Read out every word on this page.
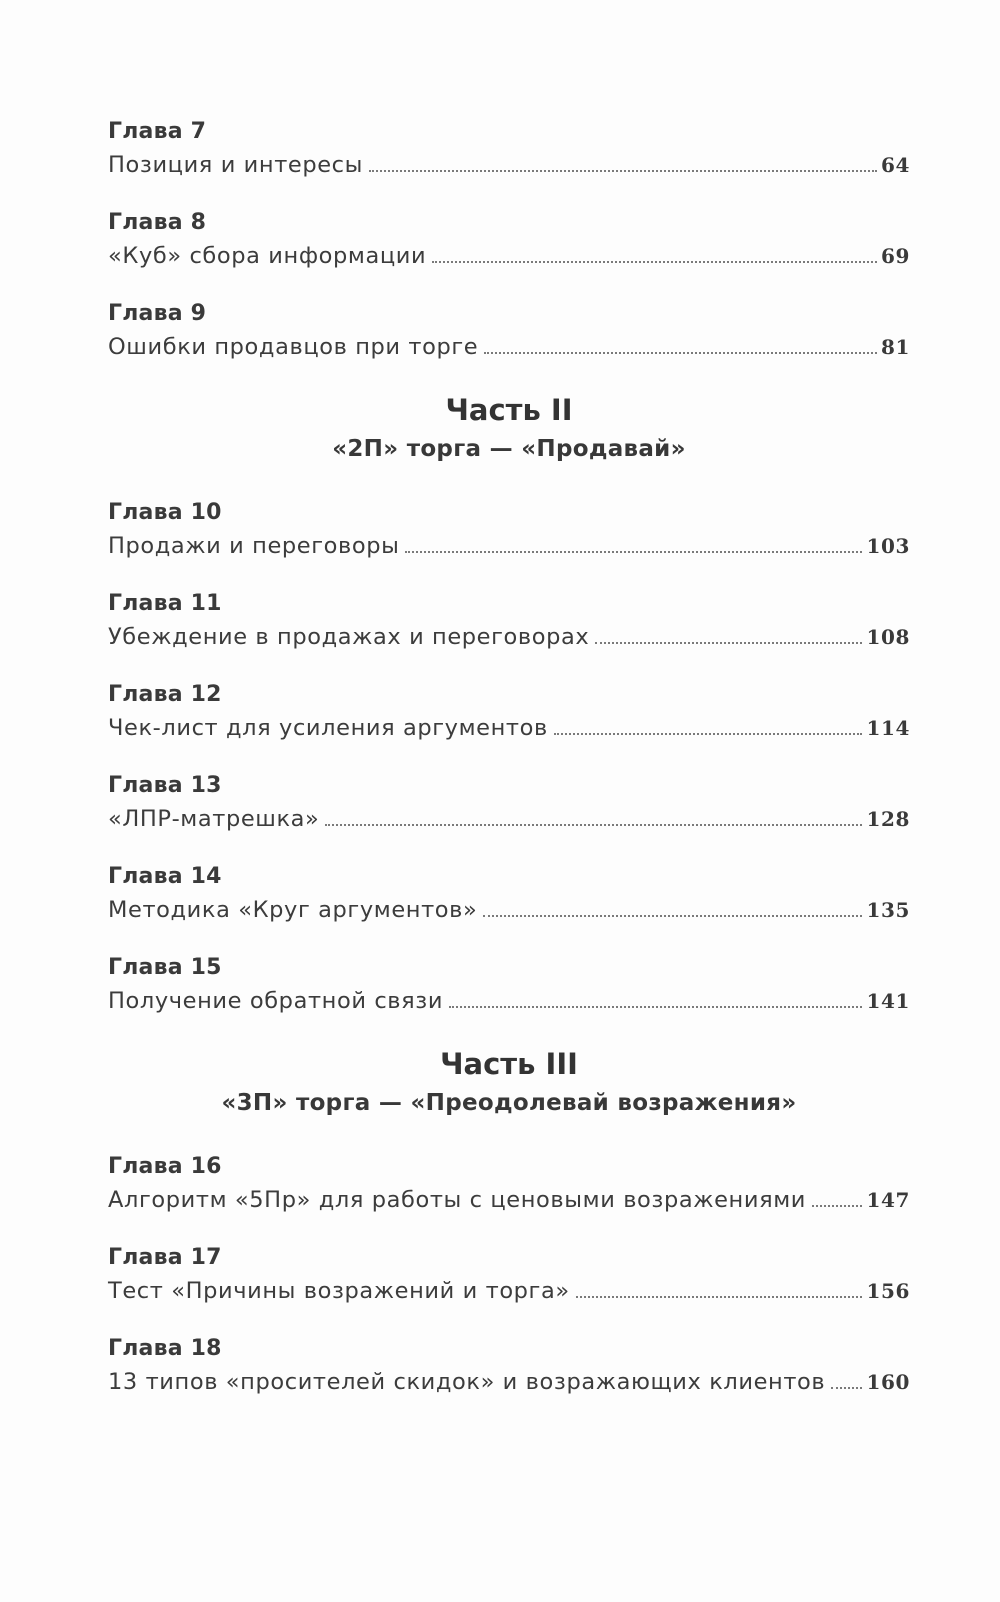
Глава 7
Позиция и интересы	64
Глава 8
«Куб» сбора информации	69
Глава 9
Ошибки продавцов при торге	81
Часть II
«2П» торга — «Продавай»
Глава 10
Продажи и переговоры	103
Глава 11
Убеждение в продажах и переговорах	108
Глава 12
Чек-лист для усиления аргументов	114
Глава 13
«ЛПР-матрешка»	128
Глава 14
Методика «Круг аргументов»	135
Глава 15
Получение обратной связи	141
Часть III
«3П» торга — «Преодолевай возражения»
Глава 16
Алгоритм «5Пр» для работы с ценовыми возражениями	147
Глава 17
Тест «Причины возражений и торга»	156
Глава 18
13 типов «просителей скидок» и возражающих клиентов 160
